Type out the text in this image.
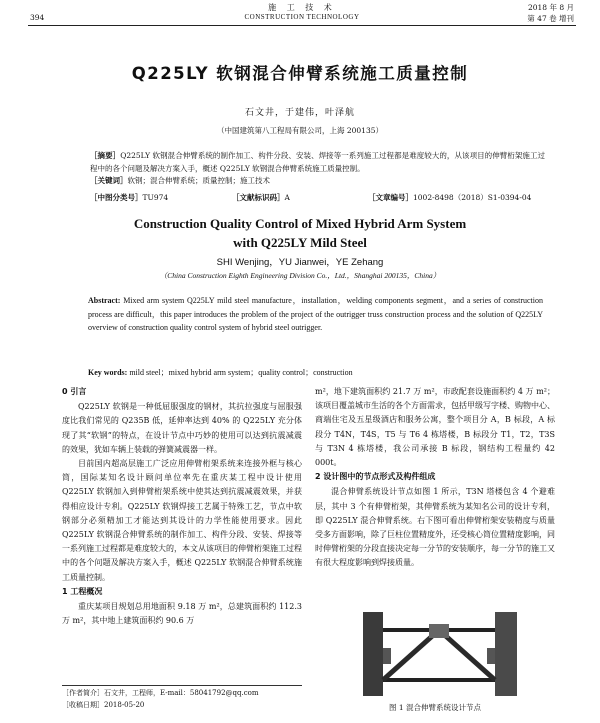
394
施 工 技 术
CONSTRUCTION TECHNOLOGY
2018 年 8 月
第 47 卷 增刊
Q225LY 软钢混合伸臂系统施工质量控制
石文井，于建伟，叶泽航
（中国建筑第八工程局有限公司，上海 200135）
［摘要］Q225LY 软钢混合伸臂系统的制作加工、构件分段、安装、焊接等一系列施工过程都是难度较大的，从该项目的伸臂桁架施工过程中的各个问题及解决方案入手，概述 Q225LY 软钢混合伸臂系统施工质量控制。
［关键词］软钢；混合伸臂系统；质量控制；施工技术
［中图分类号］TU974	［文献标识码］A	［文章编号］1002-8498（2018）S1-0394-04
Construction Quality Control of Mixed Hybrid Arm System
with Q225LY Mild Steel
SHI Wenjing，YU Jianwei，YE Zehang
（China Construction Eighth Engineering Division Co.，Ltd.，Shanghai 200135，China）
Abstract: Mixed arm system Q225LY mild steel manufacture，installation，welding components segment，and a series of construction process are difficult，this paper introduces the problem of the project of the outrigger truss construction process and the solution of Q225LY overview of construction quality control system of hybrid steel outrigger.
Key words: mild steel；mixed hybrid arm system；quality control；construction
0 引言

Q225LY 软钢是一种低屈服强度的钢材，其抗拉强度与屈服强度比我们常见的 Q235B 低，延伸率达到 40% 的 Q225LY 充分体现了其“软钢”的特点，在设计节点中巧妙的使用可以达到抗震减震的效果，犹如车辆上装载的弹簧减震器一样。

目前国内超高层施工广泛应用伸臂桁架系统来连接外框与核心筒，国际某知名设计顾问单位率先在重庆某工程中设计使用 Q225LY 软钢加入到伸臂桁架系统中使其达到抗震减震效果，并获得相应设计专利。Q225LY 软钢焊接工艺属于特殊工艺，节点中软钢部分必须精加工才能达到其设计的力学性能使用要求。因此 Q225LY 软钢混合伸臂系统的制作加工、构件分段、安装、焊接等一系列施工过程都是难度较大的，本文从该项目的伸臂桁架施工过程中的各个问题及解决方案入手，概述 Q225LY 软钢混合伸臂系统施工质量控制。

1 工程概况

重庆某项目规划总用地面积 9.18 万 m²，总建筑面积约 112.3 万 m²，其中地上建筑面积约 90.6 万

m²，地下建筑面积约 21.7 万 m²，市政配套设施面积约 4 万 m²；该项目覆盖城市生活的各个方面需求，包括甲级写字楼、购物中心、商端住宅及五星级酒店和服务公寓，整个项目分 A，B 标段，A 标段分 T4N，T4S，T5 与 T6 4 栋塔楼，B 标段分 T1，T2，T3S 与 T3N 4 栋塔楼，我公司承接 B 标段，钢结构工程量约 42 000t。

2 设计图中的节点形式及构件组成

混合伸臂系统设计节点如图 1 所示，T3N 塔楼包含 4 个避难层，其中 3 个有伸臂桁架，其伸臂系统为某知名公司的设计专利，即 Q225LY 混合伸臂系统。右下图可看出伸臂桁架安装精度与质量受多方面影响，除了巨柱位置精度外，还受核心筒位置精度影响，同时伸臂桁架的分段直接决定每一分节的安装顺序，每一分节的施工又有很大程度影响到焊接质量。

图 1 混合伸臂系统设计节点
［作者简介］石文井，工程师，E-mail：58041792@qq.com
［收稿日期］2018-05-20
